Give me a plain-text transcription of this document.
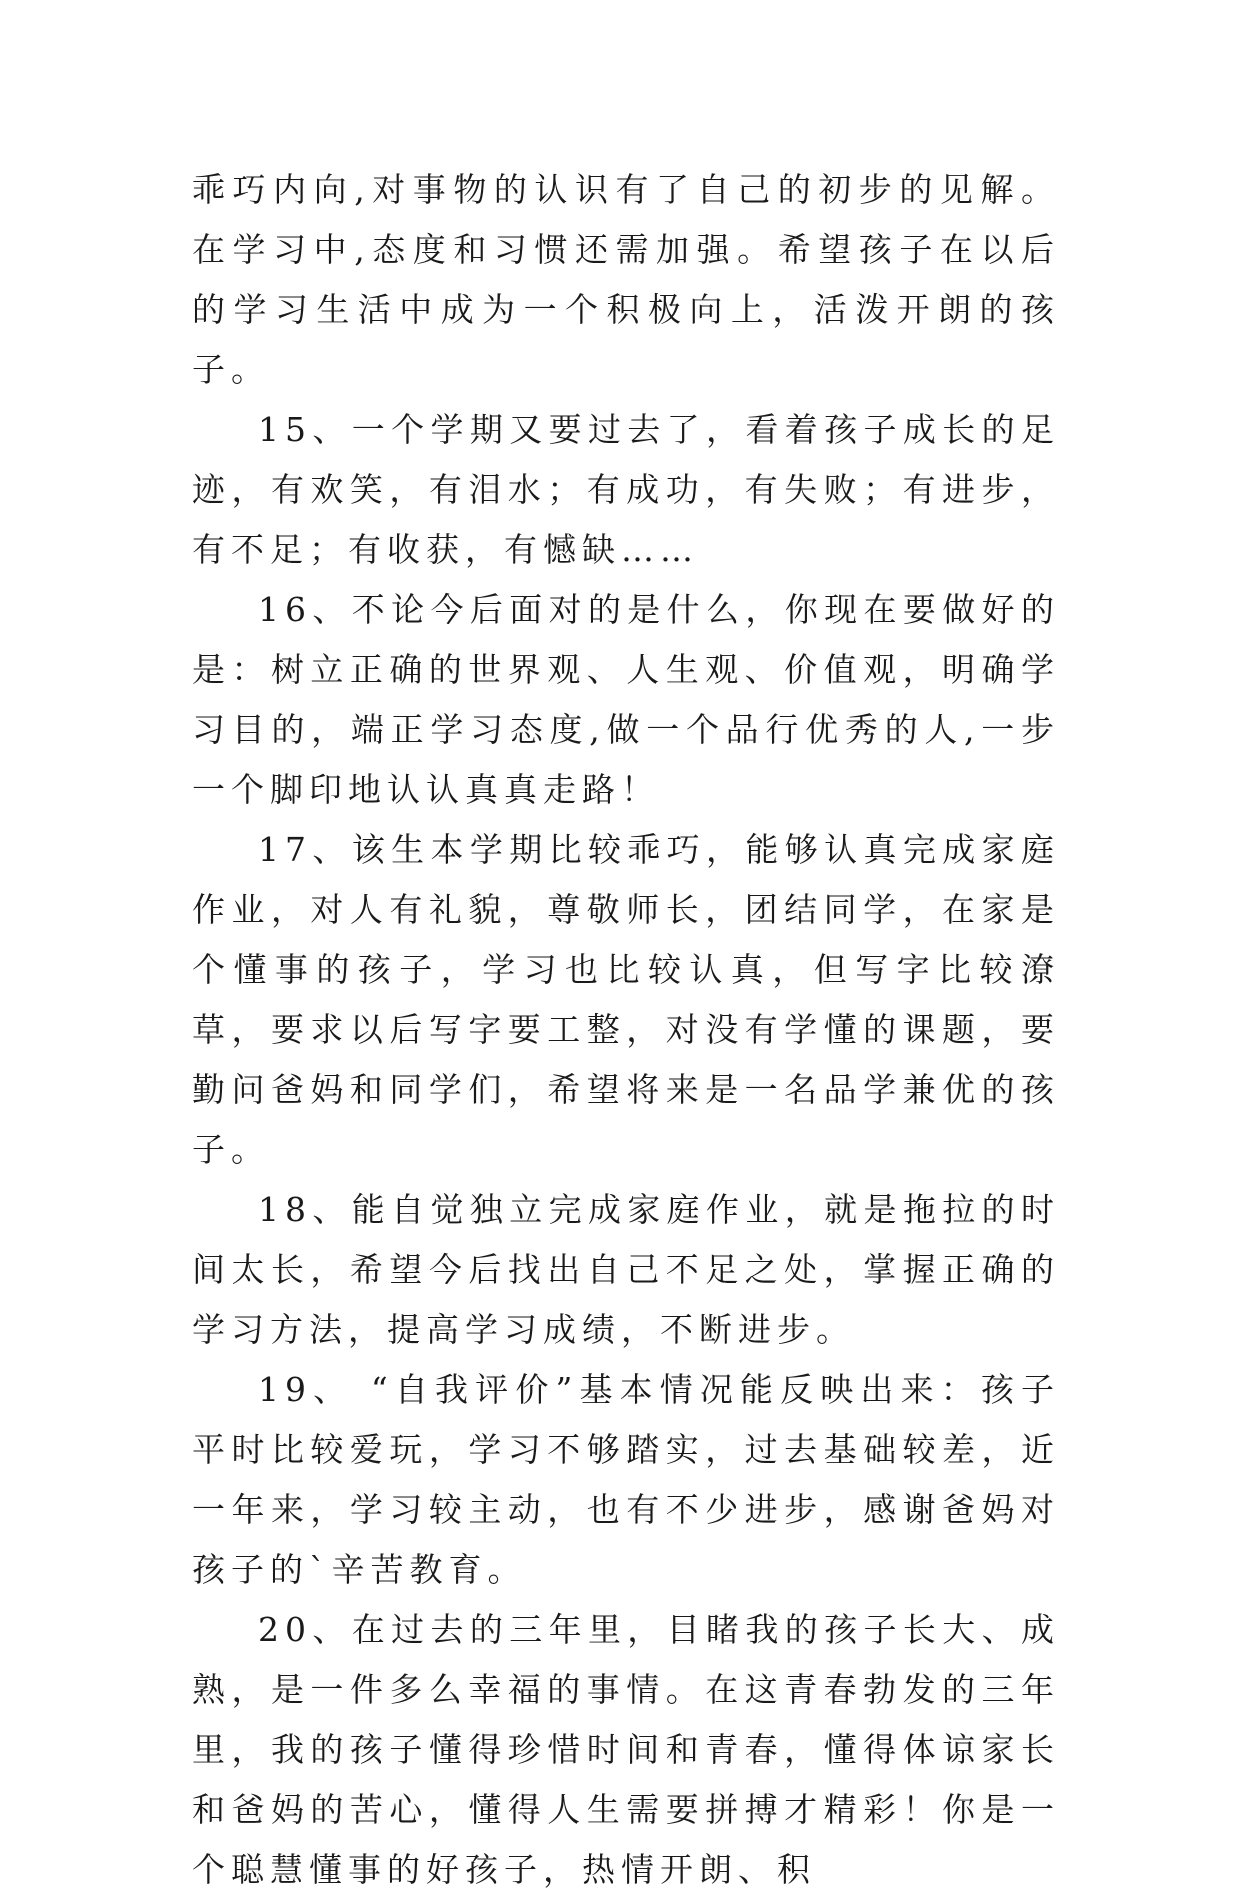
乖巧内向,对事物的认识有了自己的初步的见解。在学习中,态度和习惯还需加强。希望孩子在以后的学习生活中成为一个积极向上，活泼开朗的孩子。

15、一个学期又要过去了，看着孩子成长的足迹，有欢笑，有泪水；有成功，有失败；有进步，有不足；有收获，有憾缺……

16、不论今后面对的是什么，你现在要做好的是：树立正确的世界观、人生观、价值观，明确学习目的，端正学习态度,做一个品行优秀的人,一步一个脚印地认认真真走路！

17、该生本学期比较乖巧，能够认真完成家庭作业，对人有礼貌，尊敬师长，团结同学，在家是个懂事的孩子，学习也比较认真，但写字比较潦草，要求以后写字要工整，对没有学懂的课题，要勤问爸妈和同学们，希望将来是一名品学兼优的孩子。

18、能自觉独立完成家庭作业，就是拖拉的时间太长，希望今后找出自己不足之处，掌握正确的学习方法，提高学习成绩，不断进步。

19、 “自我评价”基本情况能反映出来：孩子平时比较爱玩，学习不够踏实，过去基础较差，近一年来，学习较主动，也有不少进步，感谢爸妈对孩子的`辛苦教育。

20、在过去的三年里，目睹我的孩子长大、成熟，是一件多么幸福的事情。在这青春勃发的三年里，我的孩子懂得珍惜时间和青春，懂得体谅家长和爸妈的苦心，懂得人生需要拼搏才精彩！你是一个聪慧懂事的好孩子，热情开朗、积
